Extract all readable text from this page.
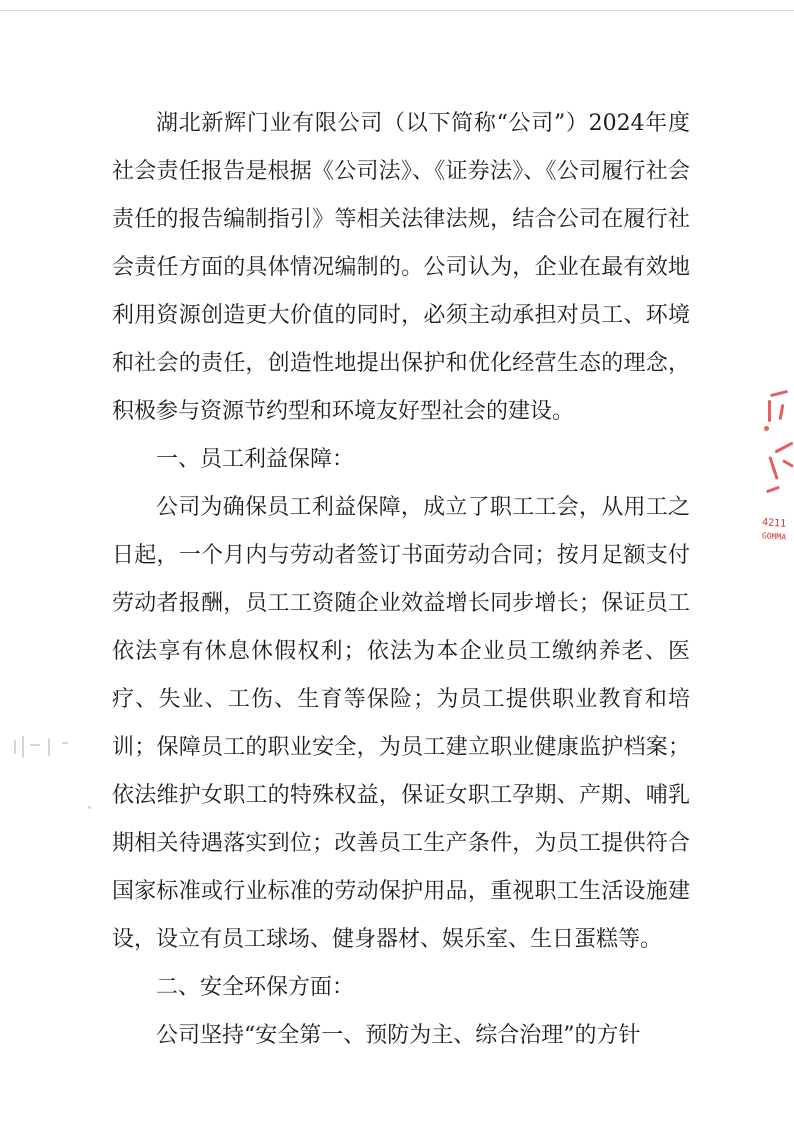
湖北新辉门业有限公司（以下简称“公司”）2024年度社会责任报告是根据《公司法》、《证券法》、《公司履行社会责任的报告编制指引》等相关法律法规，结合公司在履行社会责任方面的具体情况编制的。公司认为，企业在最有效地利用资源创造更大价值的同时，必须主动承担对员工、环境和社会的责任，创造性地提出保护和优化经营生态的理念，积极参与资源节约型和环境友好型社会的建设。

一、员工利益保障：

公司为确保员工利益保障，成立了职工工会，从用工之日起，一个月内与劳动者签订书面劳动合同；按月足额支付劳动者报酬，员工工资随企业效益增长同步增长；保证员工依法享有休息休假权利；依法为本企业员工缴纳养老、医疗、失业、工伤、生育等保险；为员工提供职业教育和培训；保障员工的职业安全，为员工建立职业健康监护档案；依法维护女职工的特殊权益，保证女职工孕期、产期、哺乳期相关待遇落实到位；改善员工生产条件，为员工提供符合国家标准或行业标准的劳动保护用品，重视职工生活设施建设，设立有员工球场、健身器材、娱乐室、生日蛋糕等。

二、安全环保方面：

公司坚持“安全第一、预防为主、综合治理”的方针

4211
GOMMA
